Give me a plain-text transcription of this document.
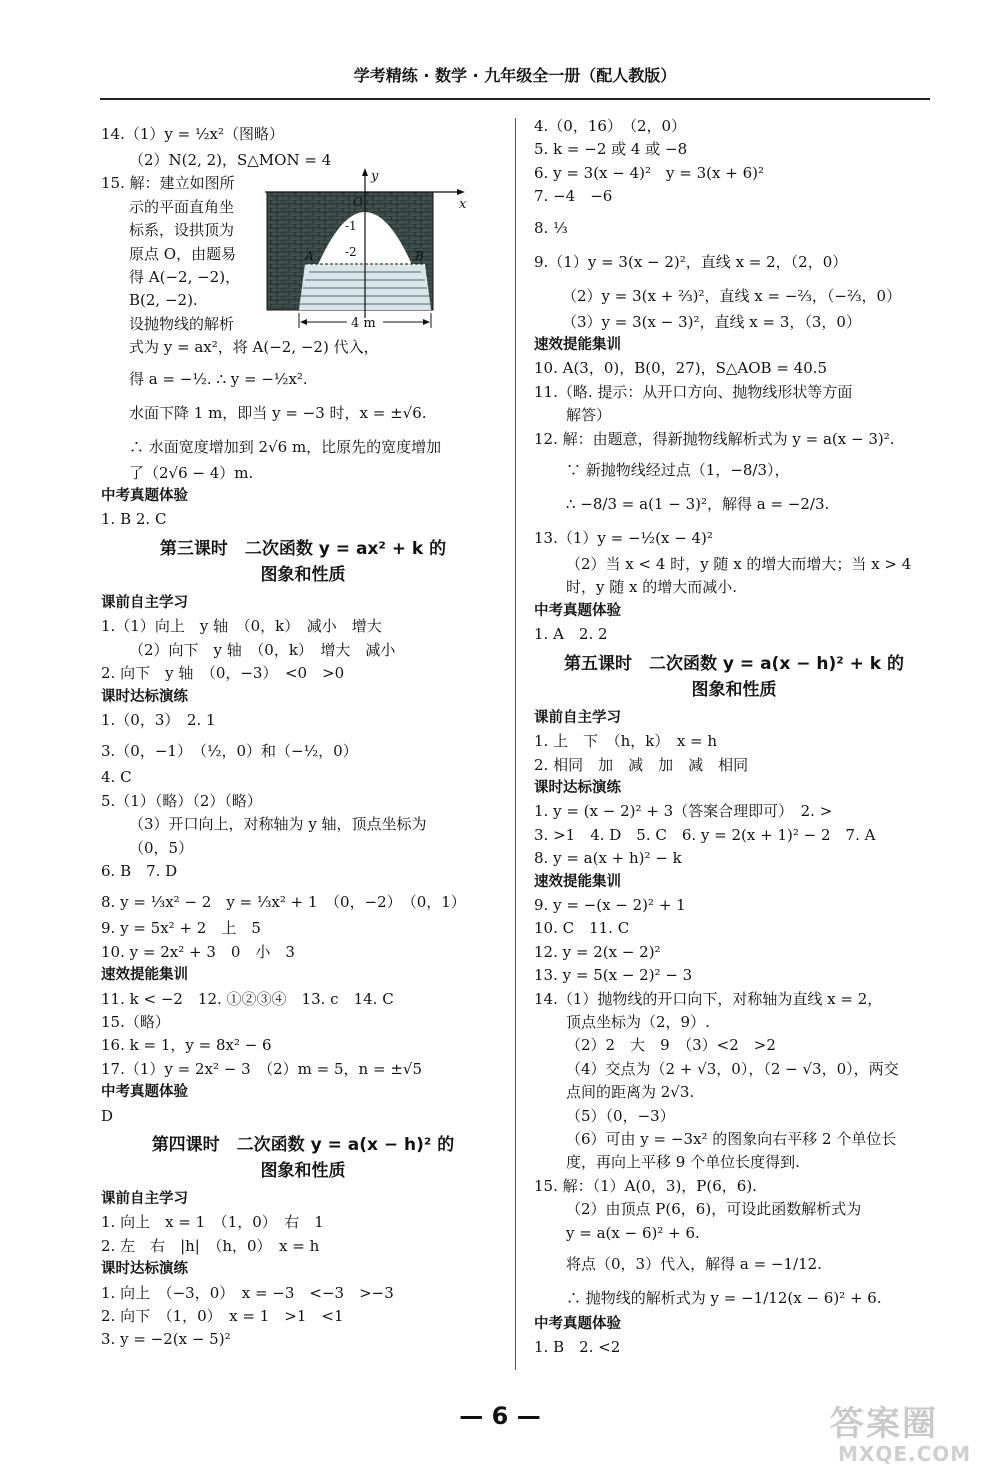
学考精练 · 数学 · 九年级全一册（配人教版）
14.（1）y = ½x²（图略）
（2）N(2, 2)，S△MON = 4
y
x
O
-1
-2
A	B
4 m
15. 解：建立如图所
示的平面直角坐
标系，设拱顶为
原点 O，由题易
得 A(−2, −2)，
B(2, −2).
设抛物线的解析
式为 y = ax²，将 A(−2, −2) 代入，
得 a = −½. ∴ y = −½x².
水面下降 1 m，即当 y = −3 时，x = ±√6.
∴ 水面宽度增加到 2√6 m，比原先的宽度增加
了（2√6 − 4）m.
中考真题体验
1. B 2. C
第三课时　二次函数 y = ax² + k 的
图象和性质
课前自主学习
1.（1）向上　y 轴　（0，k）　减小　增大
（2）向下　y 轴　（0，k）　增大　减小
2. 向下　y 轴　（0，−3）　<0　>0
课时达标演练
1.（0，3）　2. 1
3.（0，−1）　（½，0）和（−½，0）
4. C
5.（1）（略）（2）（略）
（3）开口向上，对称轴为 y 轴，顶点坐标为
（0，5）
6. B　7. D
8. y = ⅓x² − 2　y = ⅓x² + 1　（0，−2）　（0，1）
9. y = 5x² + 2　上　5
10. y = 2x² + 3　0　小　3
速效提能集训
11. k < −2　12. ①②③④　13. c　14. C
15.（略）
16. k = 1，y = 8x² − 6
17.（1）y = 2x² − 3　（2）m = 5，n = ±√5
中考真题体验
D
第四课时　二次函数 y = a(x − h)² 的
图象和性质
课前自主学习
1. 向上　x = 1　（1，0）　右　1
2. 左　右　|h|　（h，0）　x = h
课时达标演练
1. 向上　（−3，0）　x = −3　<−3　>−3
2. 向下　（1，0）　x = 1　>1　<1
3. y = −2(x − 5)²
4.（0，16）　（2，0）
5. k = −2 或 4 或 −8
6. y = 3(x − 4)²　y = 3(x + 6)²
7. −4　−6
8. ⅓
9.（1）y = 3(x − 2)²，直线 x = 2，（2，0）
（2）y = 3(x + ⅔)²，直线 x = −⅔，（−⅔，0）
（3）y = 3(x − 3)²，直线 x = 3，（3，0）
速效提能集训
10. A(3，0)，B(0，27)，S△AOB = 40.5
11.（略. 提示：从开口方向、抛物线形状等方面
解答）
12. 解：由题意，得新抛物线解析式为 y = a(x − 3)².
∵ 新抛物线经过点（1，−8/3），
∴ −8/3 = a(1 − 3)²，解得 a = −2/3.
13.（1）y = −½(x − 4)²
（2）当 x < 4 时，y 随 x 的增大而增大；当 x > 4
时，y 随 x 的增大而减小.
中考真题体验
1. A　2. 2
第五课时　二次函数 y = a(x − h)² + k 的
图象和性质
课前自主学习
1. 上　下　（h，k）　x = h
2. 相同　加　减　加　减　相同
课时达标演练
1. y = (x − 2)² + 3（答案合理即可）　2. >
3. >1　4. D　5. C　6. y = 2(x + 1)² − 2　7. A
8. y = a(x + h)² − k
速效提能集训
9. y = −(x − 2)² + 1
10. C　11. C
12. y = 2(x − 2)²
13. y = 5(x − 2)² − 3
14.（1）抛物线的开口向下，对称轴为直线 x = 2，
顶点坐标为（2，9）.
（2）2　大　9　（3）<2　>2
（4）交点为（2 + √3，0），（2 − √3，0），两交
点间的距离为 2√3.
（5）（0，−3）
（6）可由 y = −3x² 的图象向右平移 2 个单位长
度，再向上平移 9 个单位长度得到.
15. 解：（1）A(0，3)，P(6，6).
（2）由顶点 P(6，6)，可设此函数解析式为
y = a(x − 6)² + 6.
将点（0，3）代入，解得 a = −1/12.
∴ 抛物线的解析式为 y = −1/12(x − 6)² + 6.
中考真题体验
1. B　2. <2
— 6 —	答案圈
MXQE.COM
